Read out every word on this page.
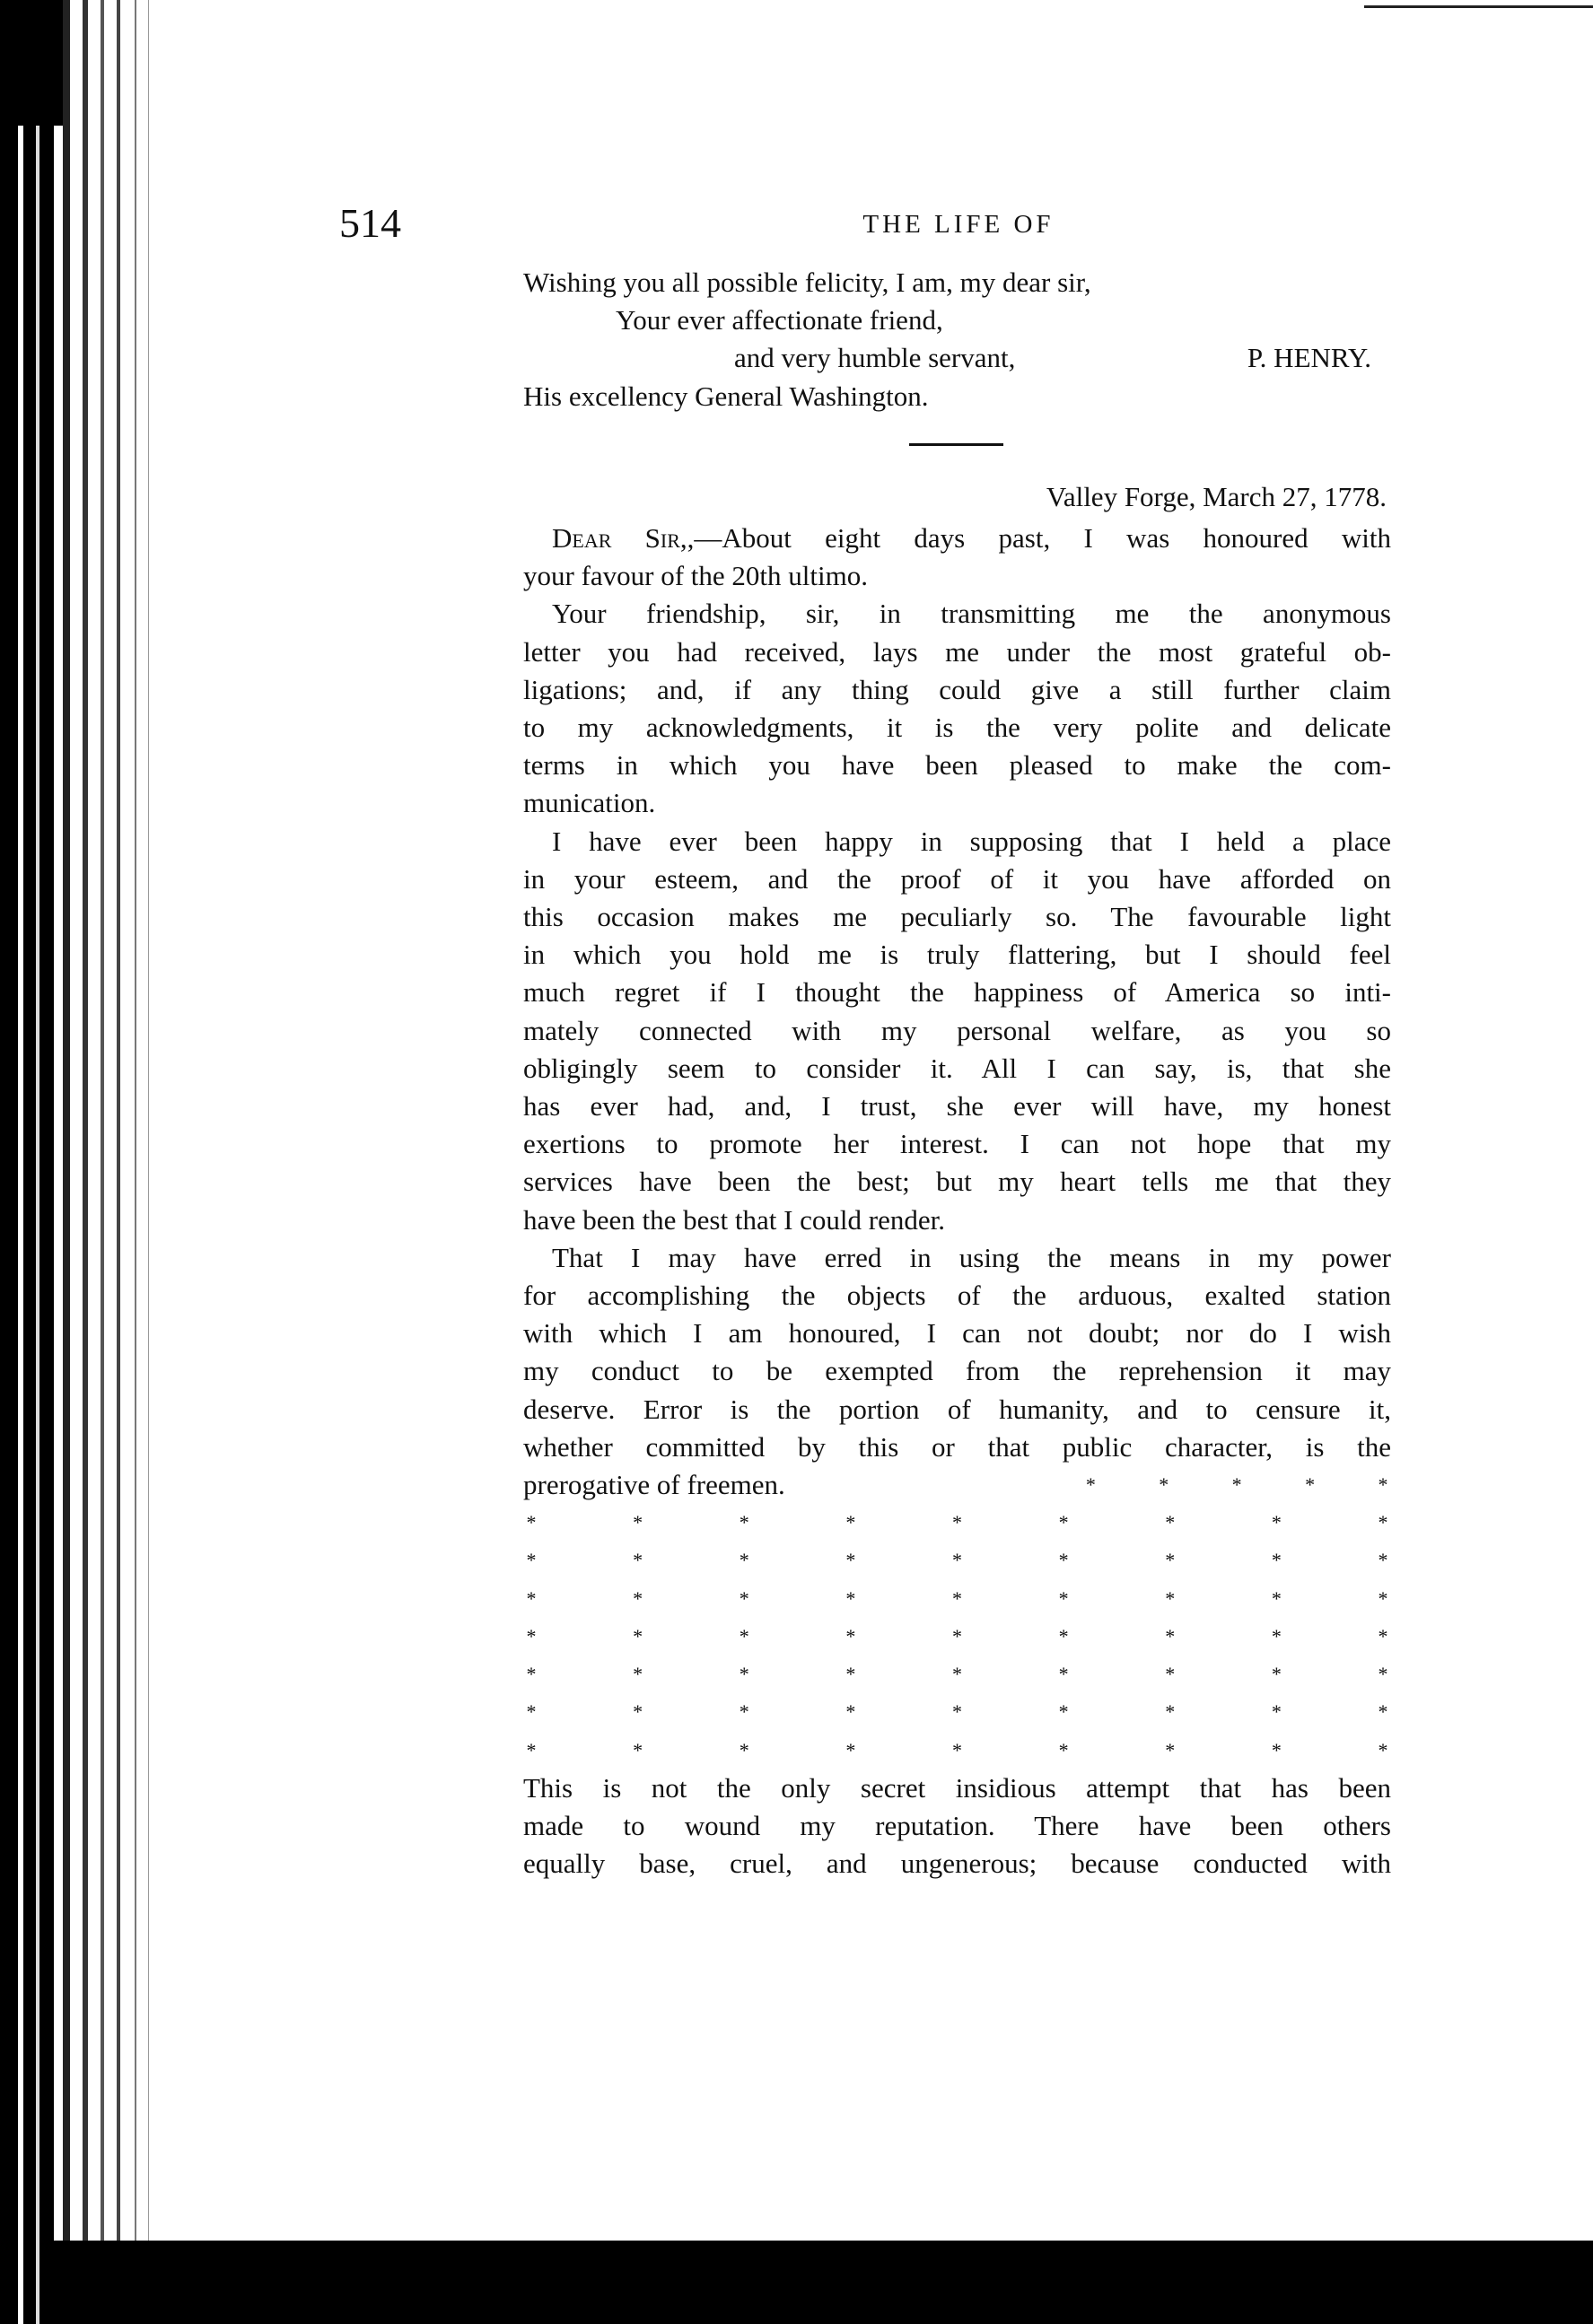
514	THE LIFE OF
Wishing you all possible felicity, I am, my dear sir,
Your ever affectionate friend,
and very humble servant,	P. HENRY.
His excellency General Washington.
Valley Forge, March 27, 1778.
Dear Sir,,—About eight days past, I was honoured with
your favour of the 20th ultimo.
Your friendship, sir, in transmitting me the anonymous
letter you had received, lays me under the most grateful ob-
ligations; and, if any thing could give a still further claim
to my acknowledgments, it is the very polite and delicate
terms in which you have been pleased to make the com-
munication.
I have ever been happy in supposing that I held a place
in your esteem, and the proof of it you have afforded on
this occasion makes me peculiarly so. The favourable light
in which you hold me is truly flattering, but I should feel
much regret if I thought the happiness of America so inti-
mately connected with my personal welfare, as you so
obligingly seem to consider it. All I can say, is, that she
has ever had, and, I trust, she ever will have, my honest
exertions to promote her interest. I can not hope that my
services have been the best; but my heart tells me that they
have been the best that I could render.
That I may have erred in using the means in my power
for accomplishing the objects of the arduous, exalted station
with which I am honoured, I can not doubt; nor do I wish
my conduct to be exempted from the reprehension it may
deserve. Error is the portion of humanity, and to censure it,
whether committed by this or that public character, is the
prerogative of freemen.	*	*	*	*	*
*	*	*	*	*	*	*	*	*
*	*	*	*	*	*	*	*	*
*	*	*	*	*	*	*	*	*
*	*	*	*	*	*	*	*	*
*	*	*	*	*	*	*	*	*
*	*	*	*	*	*	*	*	*
*	*	*	*	*	*	*	*	*
This is not the only secret insidious attempt that has been
made to wound my reputation. There have been others
equally base, cruel, and ungenerous; because conducted with
